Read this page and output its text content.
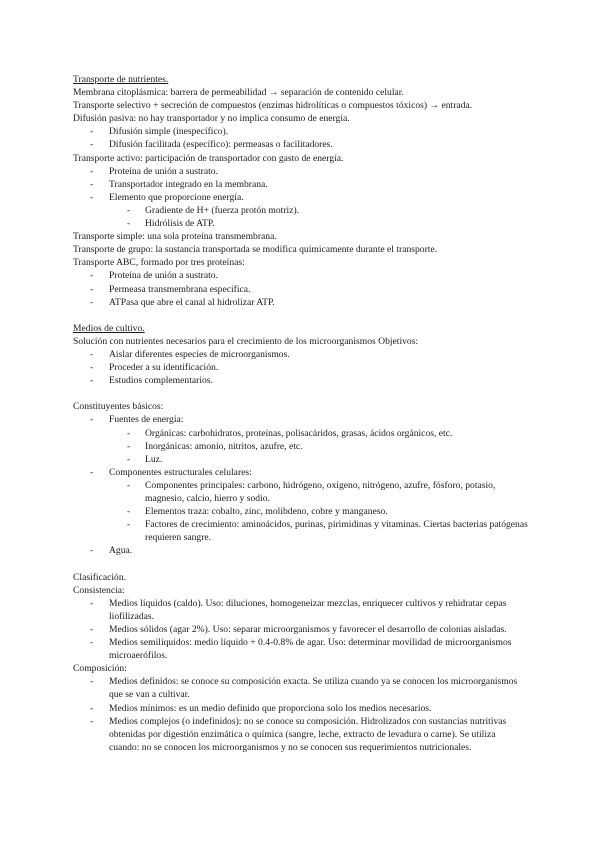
Transporte de nutrientes.
Membrana citoplásmica: barrera de permeabilidad → separación de contenido celular.
Transporte selectivo + secreción de compuestos (enzimas hidrolíticas o compuestos tóxicos) → entrada.
Difusión pasiva: no hay transportador y no implica consumo de energía.
- Difusión simple (inespecífico).
- Difusión facilitada (específico): permeasas o facilitadores.
Transporte activo: participación de transportador con gasto de energía.
- Proteína de unión a sustrato.
- Transportador integrado en la membrana.
- Elemento que proporcione energía.
- Gradiente de H+ (fuerza protón motriz).
- Hidrólisis de ATP.
Transporte simple: una sola proteína transmembrana.
Transporte de grupo: la sustancia transportada se modifica químicamente durante el transporte.
Transporte ABC, formado por tres proteínas:
- Proteína de unión a sustrato.
- Permeasa transmembrana específica.
- ATPasa que abre el canal al hidrolizar ATP.
Medios de cultivo.
Solución con nutrientes necesarios para el crecimiento de los microorganismos Objetivos:
- Aislar diferentes especies de microorganismos.
- Proceder a su identificación.
- Estudios complementarios.
Constituyentes básicos:
- Fuentes de energía:
- Orgánicas: carbohidratos, proteínas, polisacáridos, grasas, ácidos orgánicos, etc.
- Inorgánicas: amonio, nitritos, azufre, etc.
- Luz.
- Componentes estructurales celulares:
- Componentes principales: carbono, hidrógeno, oxígeno, nitrógeno, azufre, fósforo, potasio, magnesio, calcio, hierro y sodio.
- Elementos traza: cobalto, zinc, molibdeno, cobre y manganeso.
- Factores de crecimiento: aminoácidos, purinas, pirimidinas y vitaminas. Ciertas bacterias patógenas requieren sangre.
- Agua.
Clasificación.
Consistencia:
- Medios líquidos (caldo). Uso: diluciones, homogeneizar mezclas, enriquecer cultivos y rehidratar cepas liofilizadas.
- Medios sólidos (agar 2%). Uso: separar microorganismos y favorecer el desarrollo de colonias aisladas.
- Medios semilíquidos: medio líquido + 0.4-0.8% de agar. Uso: determinar movilidad de microorganismos microaerófilos.
Composición:
- Medios definidos: se conoce su composición exacta. Se utiliza cuando ya se conocen los microorganismos que se van a cultivar.
- Medios mínimos: es un medio definido que proporciona solo los medios necesarios.
- Medios complejos (o indefinidos): no se conoce su composición. Hidrolizados con sustancias nutritivas obtenidas por digestión enzimática o química (sangre, leche, extracto de levadura o carne). Se utiliza cuando: no se conocen los microorganismos y no se conocen sus requerimientos nutricionales.
